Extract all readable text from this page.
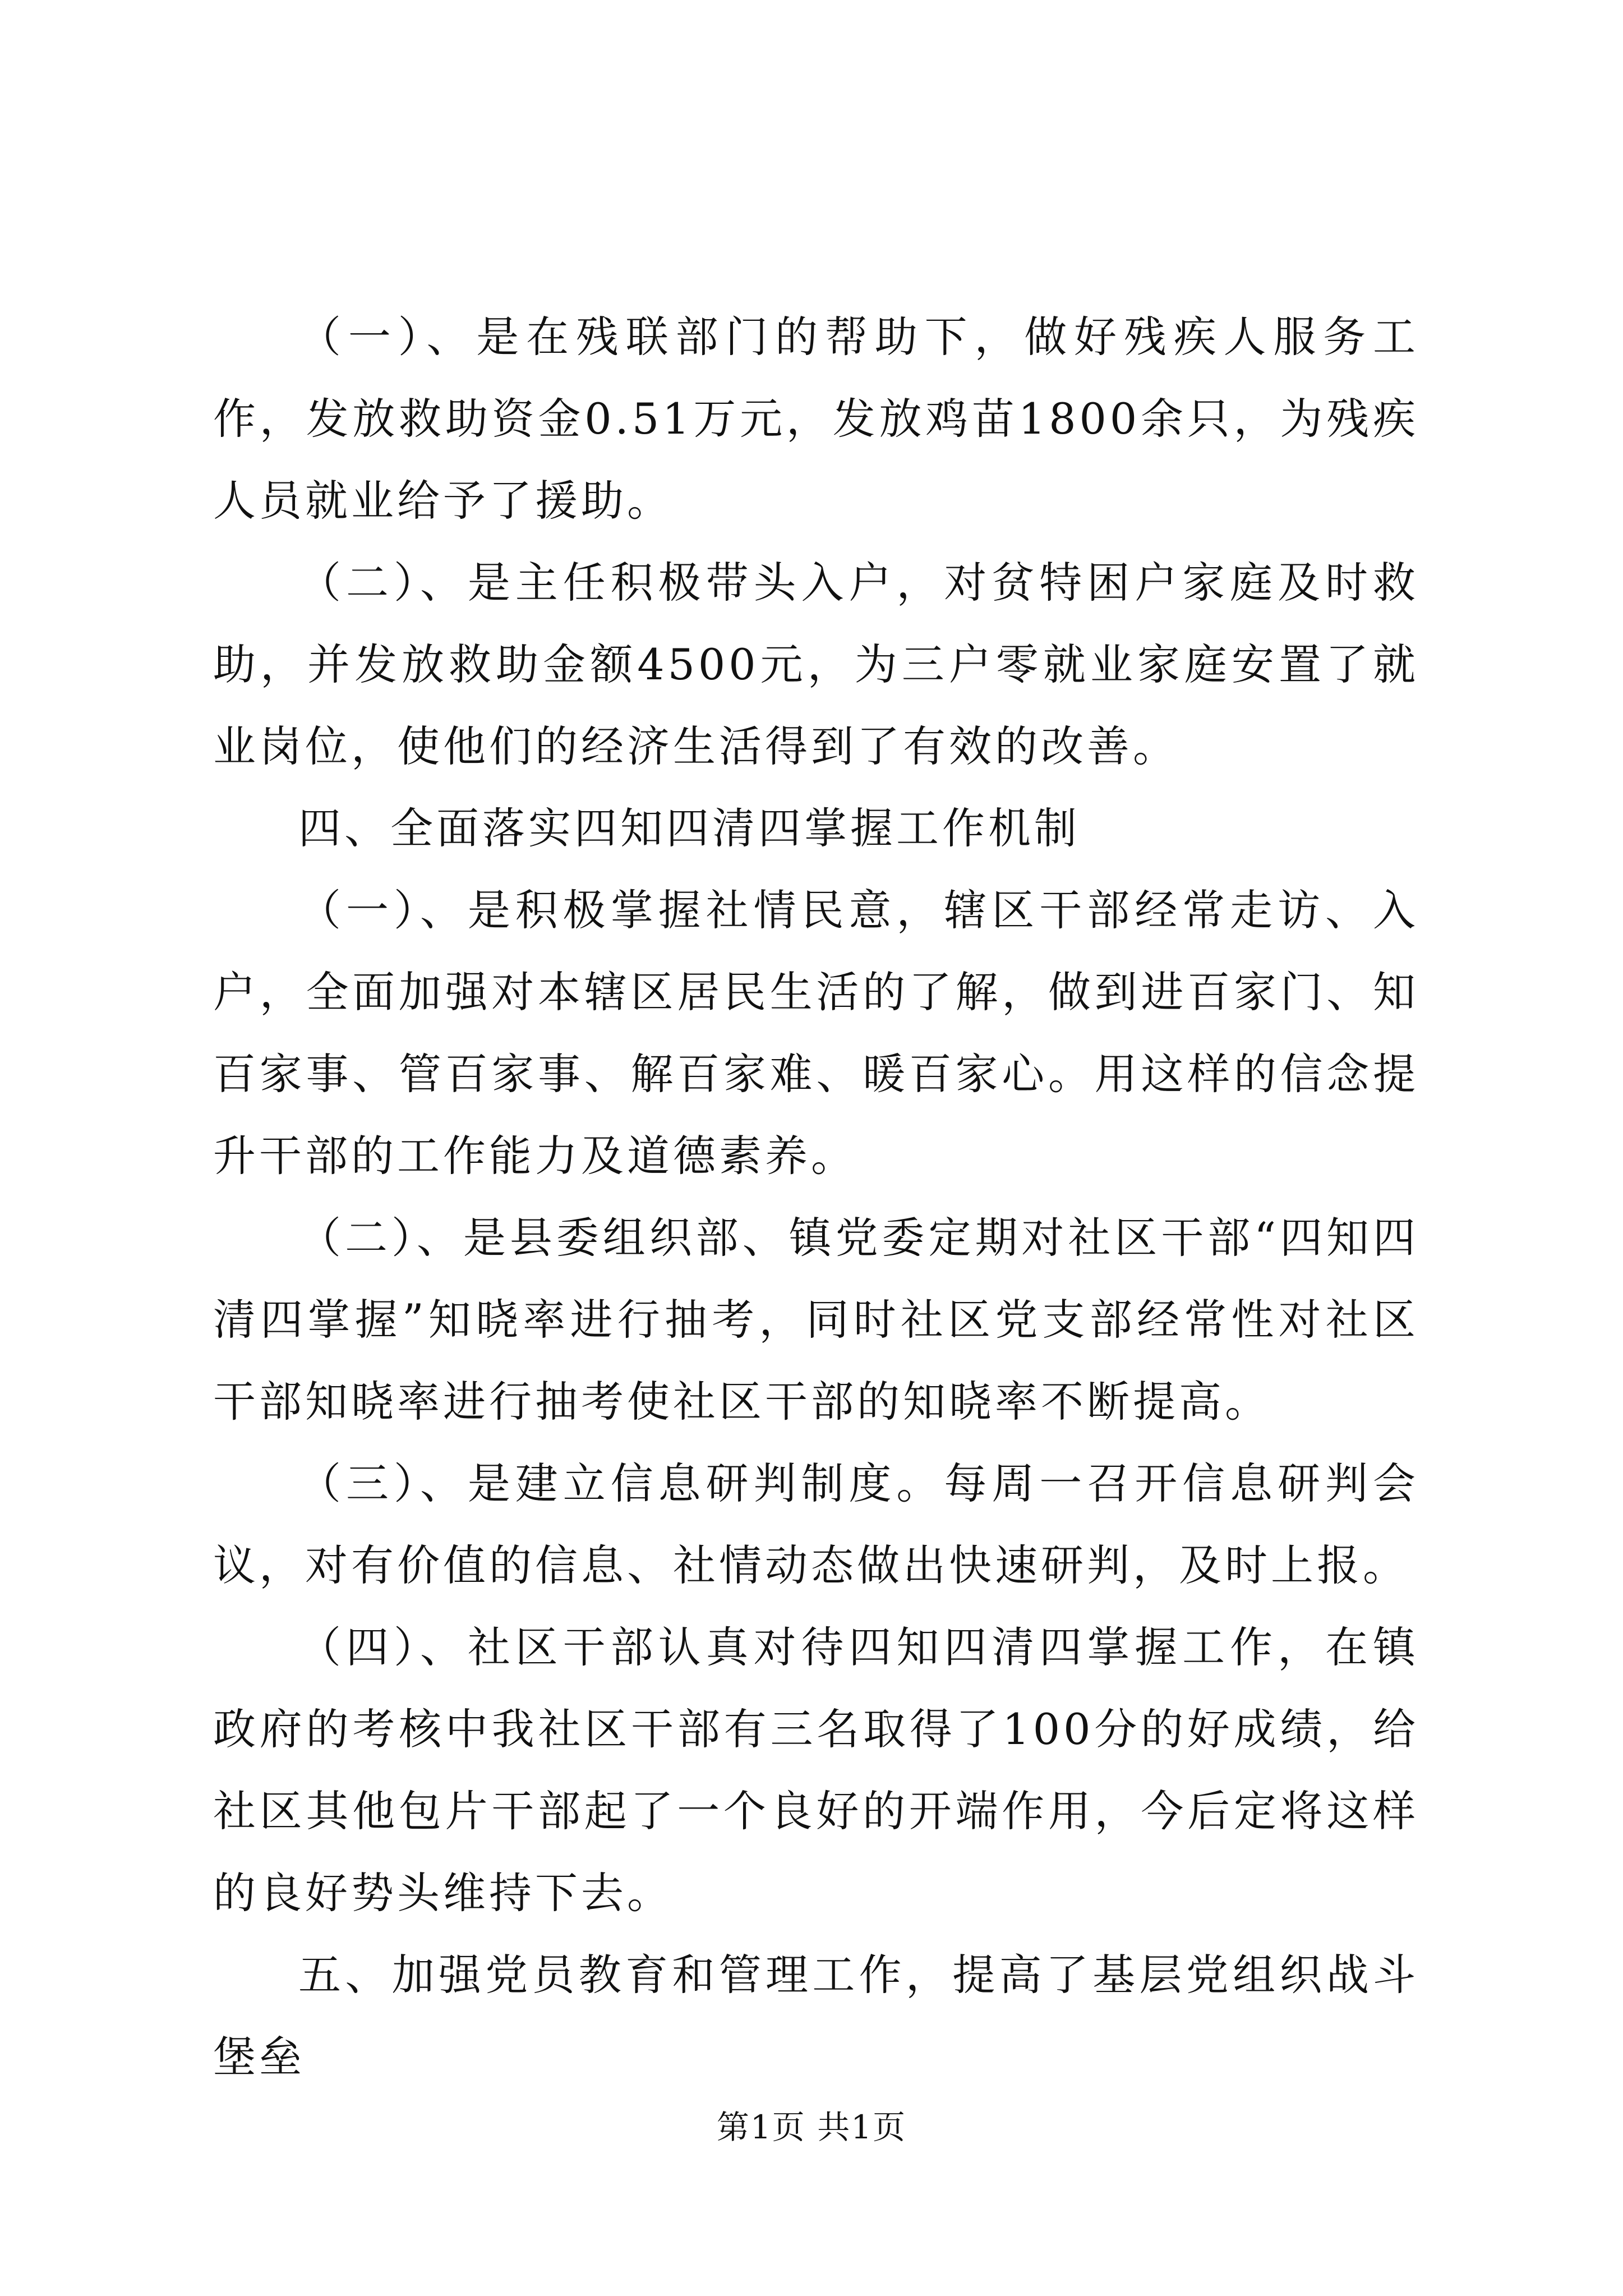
（一）、是在残联部门的帮助下，做好残疾人服务工作，发放救助资金0.51万元，发放鸡苗1800余只，为残疾人员就业给予了援助。

（二）、是主任积极带头入户，对贫特困户家庭及时救助，并发放救助金额4500元，为三户零就业家庭安置了就业岗位，使他们的经济生活得到了有效的改善。

四、全面落实四知四清四掌握工作机制

（一）、是积极掌握社情民意，辖区干部经常走访、入户，全面加强对本辖区居民生活的了解，做到进百家门、知百家事、管百家事、解百家难、暖百家心。用这样的信念提升干部的工作能力及道德素养。

（二）、是县委组织部、镇党委定期对社区干部“四知四清四掌握”知晓率进行抽考，同时社区党支部经常性对社区干部知晓率进行抽考使社区干部的知晓率不断提高。

（三）、是建立信息研判制度。每周一召开信息研判会议，对有价值的信息、社情动态做出快速研判，及时上报。

（四）、社区干部认真对待四知四清四掌握工作，在镇政府的考核中我社区干部有三名取得了100分的好成绩，给社区其他包片干部起了一个良好的开端作用，今后定将这样的良好势头维持下去。

五、加强党员教育和管理工作，提高了基层党组织战斗堡垒

第1页 共1页
